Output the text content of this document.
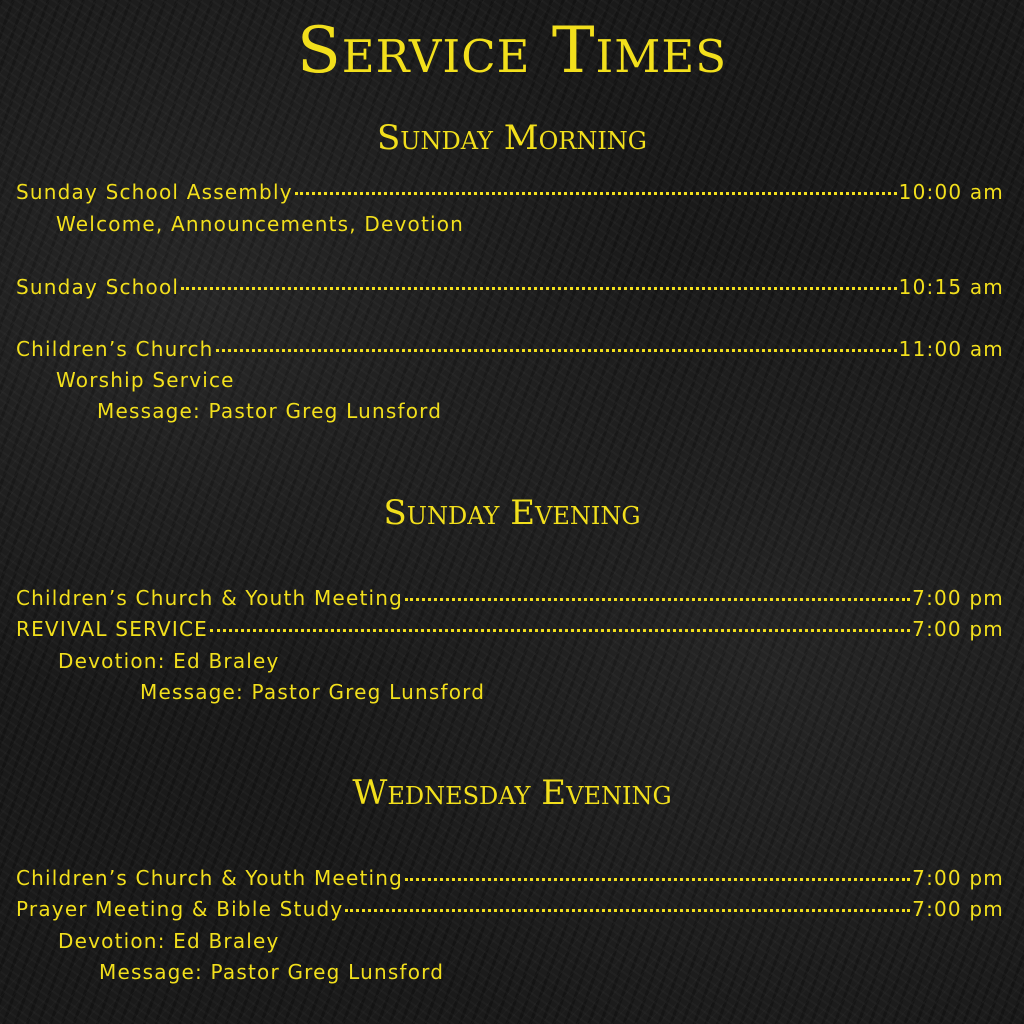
Service Times
Sunday Morning
Sunday School Assembly	10:00 am
Welcome, Announcements, Devotion
Sunday School	10:15 am
Children’s Church	11:00 am
Worship Service
Message: Pastor Greg Lunsford
Sunday Evening
Children’s Church & Youth Meeting	7:00 pm
REVIVAL SERVICE	7:00 pm
Devotion: Ed Braley
Message: Pastor Greg Lunsford
Wednesday Evening
Children’s Church & Youth Meeting	7:00 pm
Prayer Meeting & Bible Study	7:00 pm
Devotion: Ed Braley
Message: Pastor Greg Lunsford
